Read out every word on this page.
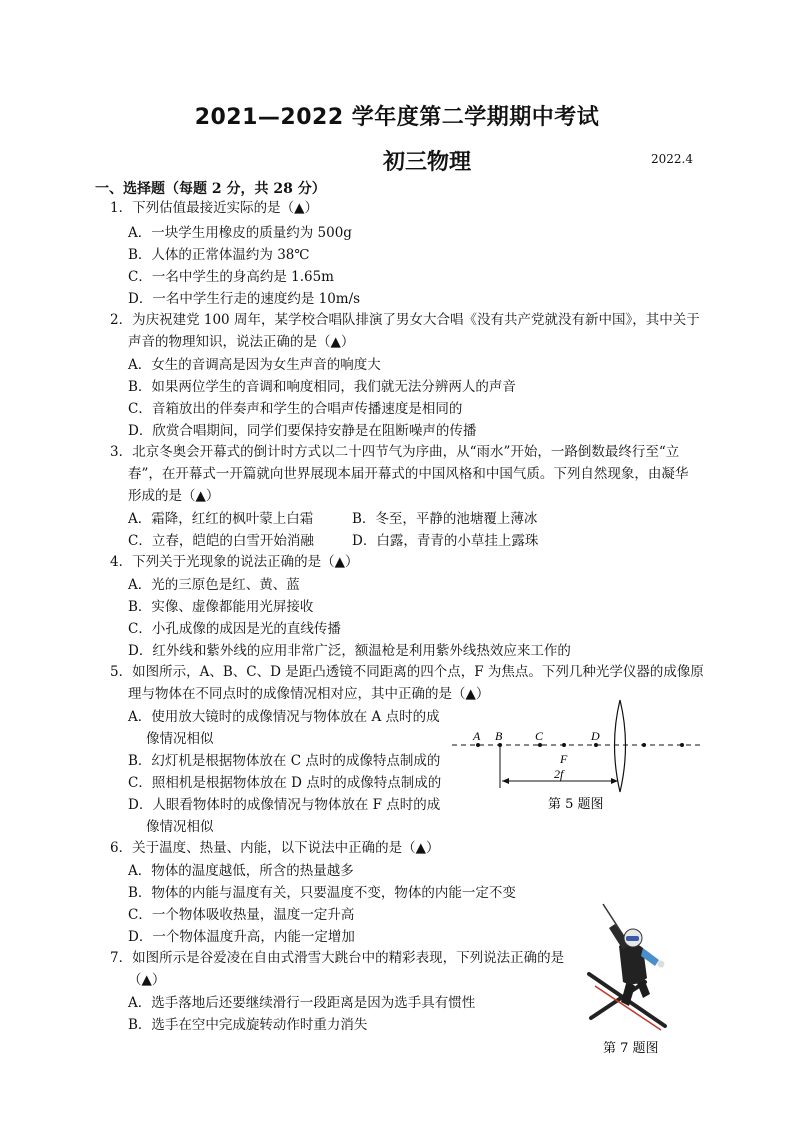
2021—2022 学年度第二学期期中考试
初三物理	2022.4
一、选择题（每题 2 分，共 28 分）
1．下列估值最接近实际的是（▲）
A．一块学生用橡皮的质量约为 500g
B．人体的正常体温约为 38℃
C．一名中学生的身高约是 1.65m
D．一名中学生行走的速度约是 10m/s
2．为庆祝建党 100 周年，某学校合唱队排演了男女大合唱《没有共产党就没有新中国》，其中关于
声音的物理知识，说法正确的是（▲）
A．女生的音调高是因为女生声音的响度大
B．如果两位学生的音调和响度相同，我们就无法分辨两人的声音
C．音箱放出的伴奏声和学生的合唱声传播速度是相同的
D．欣赏合唱期间，同学们要保持安静是在阻断噪声的传播
3．北京冬奥会开幕式的倒计时方式以二十四节气为序曲，从“雨水”开始，一路倒数最终行至“立
春”，在开幕式一开篇就向世界展现本届开幕式的中国风格和中国气质。下列自然现象，由凝华
形成的是（▲）
A．霜降，红红的枫叶蒙上白霜	B．冬至，平静的池塘覆上薄冰
C．立春，皑皑的白雪开始消融	D．白露，青青的小草挂上露珠
4．下列关于光现象的说法正确的是（▲）
A．光的三原色是红、黄、蓝
B．实像、虚像都能用光屏接收
C．小孔成像的成因是光的直线传播
D．红外线和紫外线的应用非常广泛，额温枪是利用紫外线热效应来工作的
5．如图所示，A、B、C、D 是距凸透镜不同距离的四个点，F 为焦点。下列几种光学仪器的成像原
理与物体在不同点时的成像情况相对应，其中正确的是（▲）
A．使用放大镜时的成像情况与物体放在 A 点时的成
像情况相似
B．幻灯机是根据物体放在 C 点时的成像特点制成的
C．照相机是根据物体放在 D 点时的成像特点制成的
D．人眼看物体时的成像情况与物体放在 F 点时的成
像情况相似
6．关于温度、热量、内能，以下说法中正确的是（▲）
A．物体的温度越低，所含的热量越多
B．物体的内能与温度有关，只要温度不变，物体的内能一定不变
C．一个物体吸收热量，温度一定升高
D．一个物体温度升高，内能一定增加
7．如图所示是谷爱凌在自由式滑雪大跳台中的精彩表现，下列说法正确的是
（▲）
A．选手落地后还要继续滑行一段距离是因为选手具有惯性
B．选手在空中完成旋转动作时重力消失
A B	C	D
F
2f
第 5 题图
第 7 题图
